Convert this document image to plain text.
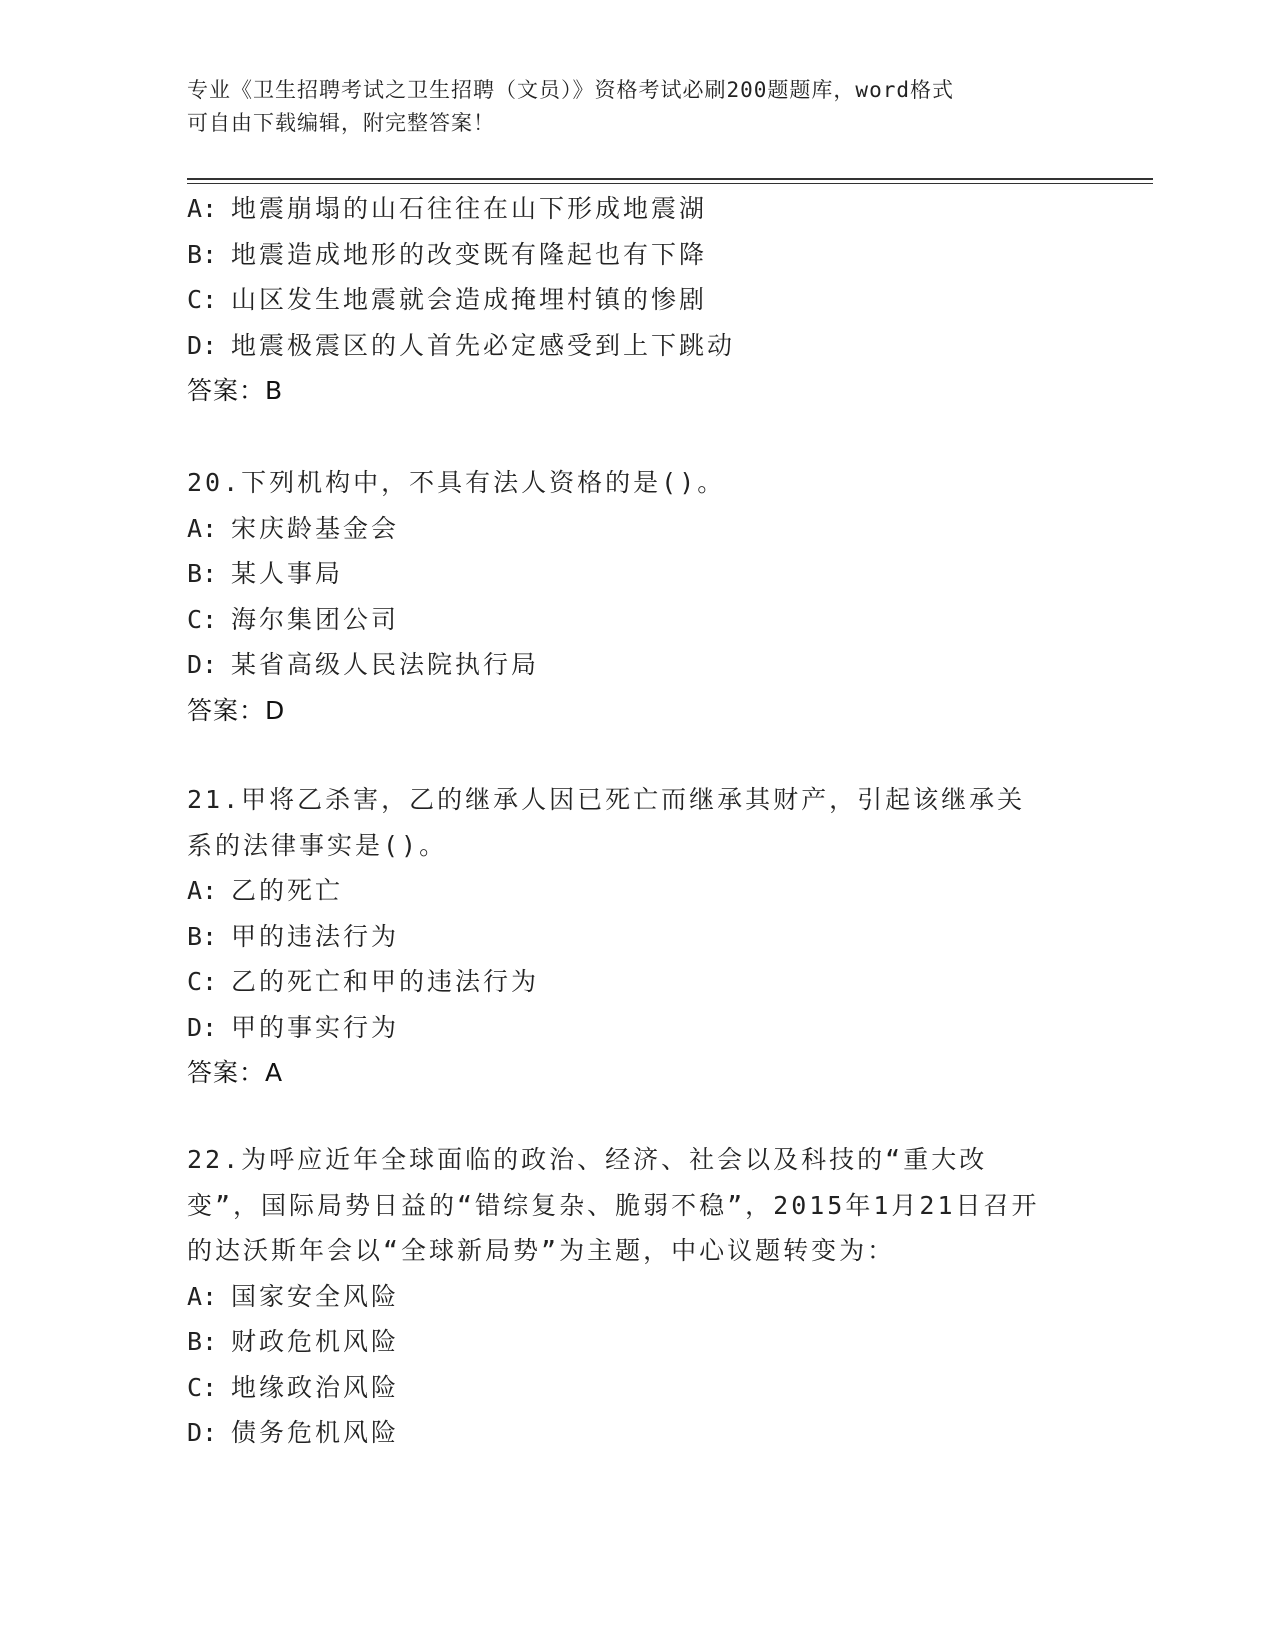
专业《卫生招聘考试之卫生招聘（文员）》资格考试必刷200题题库，word格式
可自由下载编辑，附完整答案！
A: 地震崩塌的山石往往在山下形成地震湖
B: 地震造成地形的改变既有隆起也有下降
C: 山区发生地震就会造成掩埋村镇的惨剧
D: 地震极震区的人首先必定感受到上下跳动
答案：B
20.下列机构中，不具有法人资格的是()。
A: 宋庆龄基金会
B: 某人事局
C: 海尔集团公司
D: 某省高级人民法院执行局
答案：D
21.甲将乙杀害，乙的继承人因已死亡而继承其财产，引起该继承关系的法律事实是()。
A: 乙的死亡
B: 甲的违法行为
C: 乙的死亡和甲的违法行为
D: 甲的事实行为
答案：A
22.为呼应近年全球面临的政治、经济、社会以及科技的“重大改变”，国际局势日益的“错综复杂、脆弱不稳”，2015年1月21日召开的达沃斯年会以“全球新局势”为主题，中心议题转变为：
A: 国家安全风险
B: 财政危机风险
C: 地缘政治风险
D: 债务危机风险
